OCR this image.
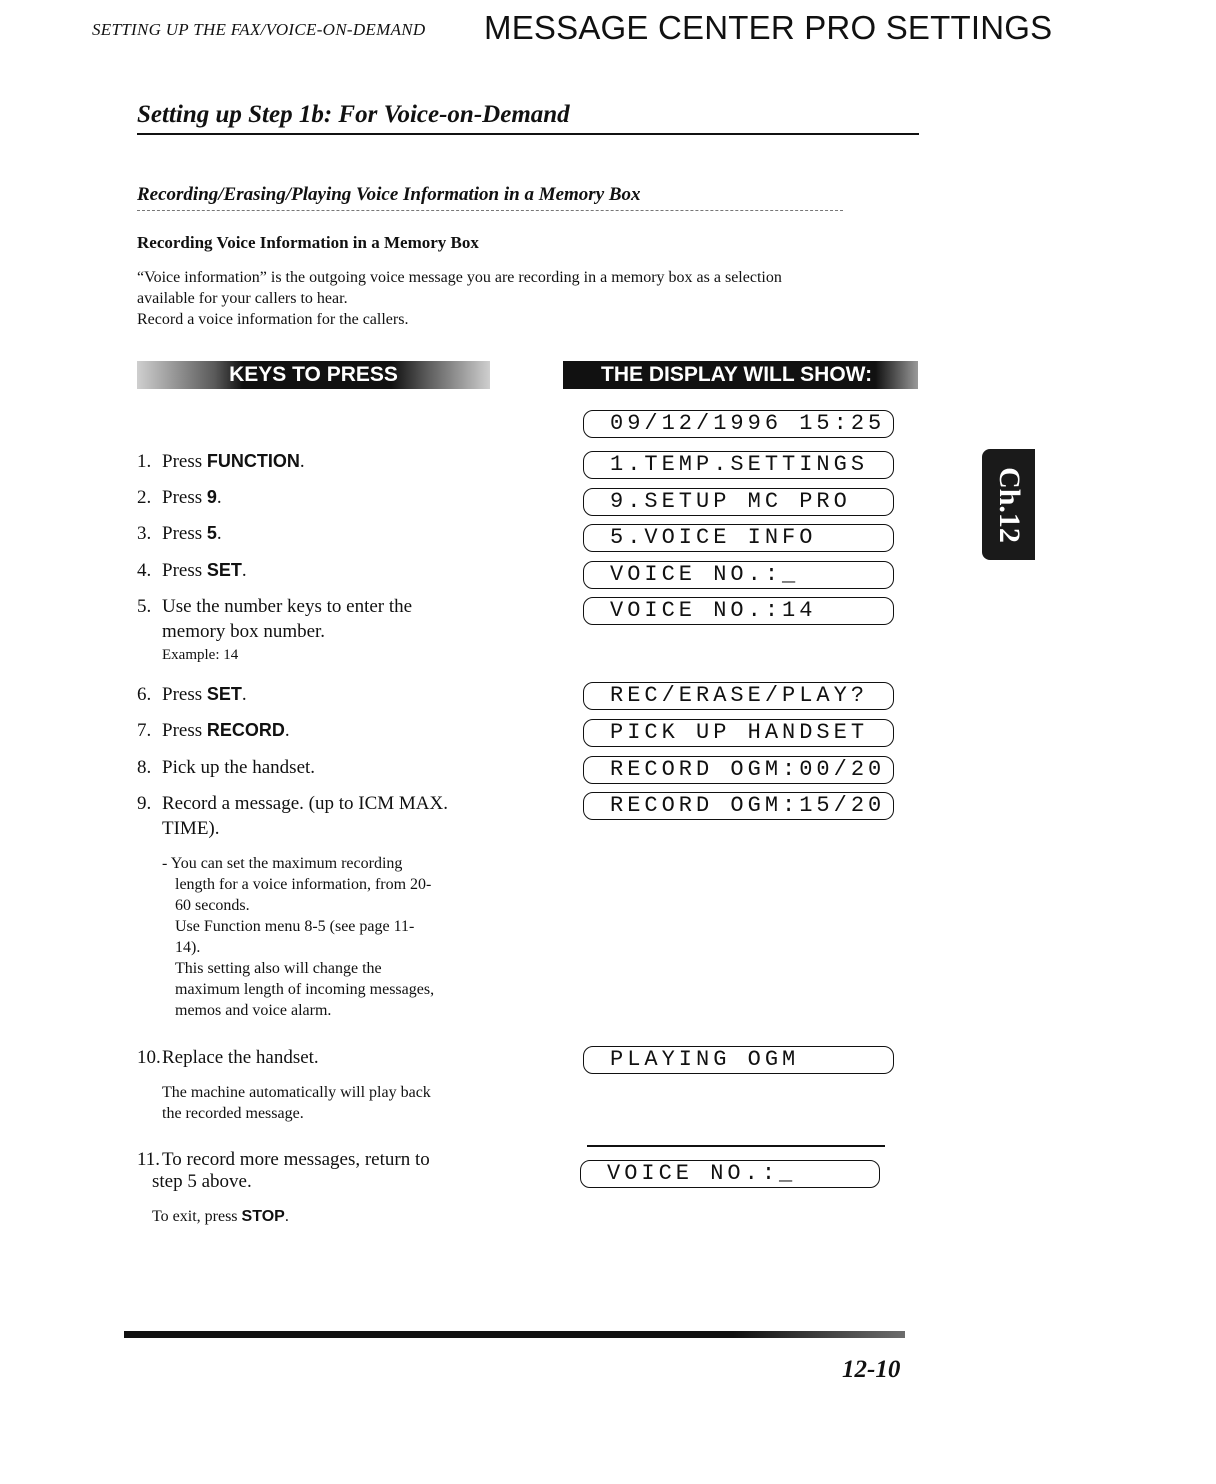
SETTING UP THE FAX/VOICE-ON-DEMAND MESSAGE CENTER PRO SETTINGS
Setting up Step 1b: For Voice-on-Demand
Recording/Erasing/Playing Voice Information in a Memory Box
Recording Voice Information in a Memory Box
“Voice information” is the outgoing voice message you are recording in a memory box as a selection
available for your callers to hear.
Record a voice information for the callers.
KEYS TO PRESS	THE DISPLAY WILL SHOW:
09/12/1996 15:25
1.TEMP.SETTINGS
9.SETUP MC PRO
5.VOICE INFO
VOICE NO.:_
VOICE NO.:14
REC/ERASE/PLAY?
PICK UP HANDSET
RECORD OGM:00/20
RECORD OGM:15/20
PLAYING OGM
VOICE NO.:_
1. Press FUNCTION.
2. Press 9.
3. Press 5.
4. Press SET.
5. Use the number keys to enter the
memory box number.
Example: 14
6. Press SET.
7. Press RECORD.
8. Pick up the handset.
9. Record a message. (up to ICM MAX.
TIME).
- You can set the maximum recording
length for a voice information, from 20-
60 seconds.
Use Function menu 8-5 (see page 11-
14).
This setting also will change the
maximum length of incoming messages,
memos and voice alarm.
10.Replace the handset.
The machine automatically will play back
the recorded message.
11. To record more messages, return to
step 5 above.
To exit, press STOP.
Ch.12
12-10
